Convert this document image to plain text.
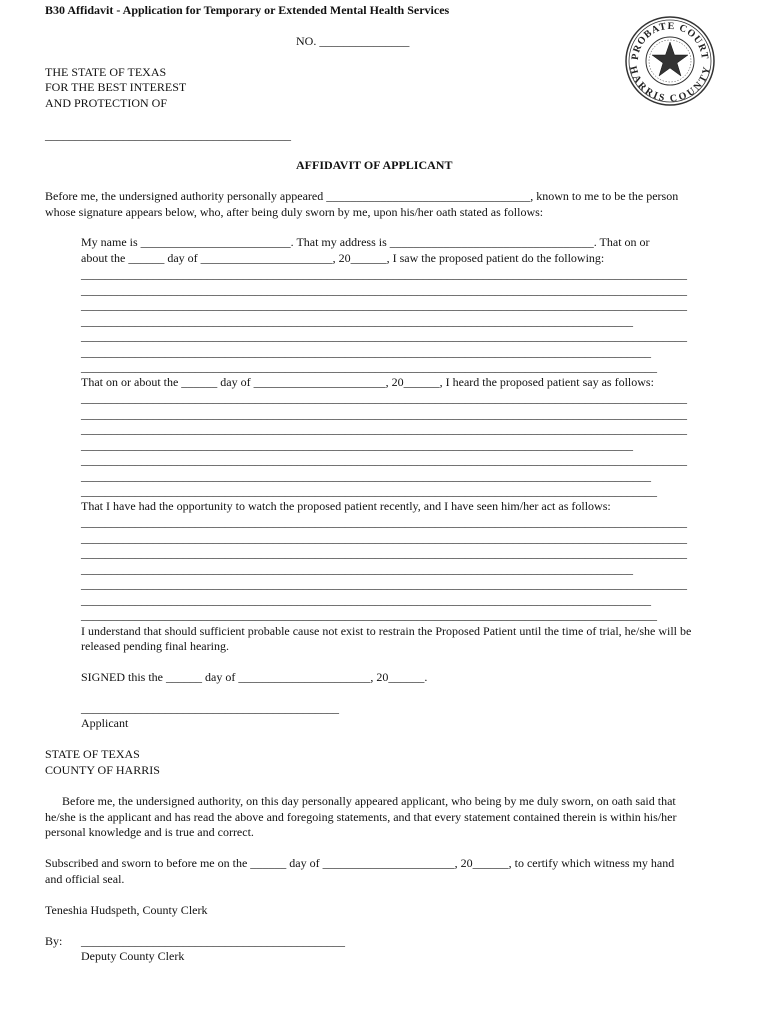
B30 Affidavit - Application for Temporary or Extended Mental Health Services
NO. _______________
PROBATE COURT
HARRIS COUNTY
THE STATE OF TEXAS
FOR THE BEST INTEREST
AND PROTECTION OF
_________________________________________
AFFIDAVIT OF APPLICANT
Before me, the undersigned authority personally appeared __________________________________, known to me to be the person
whose signature appears below, who, after being duly sworn by me, upon his/her oath stated as follows:
My name is _________________________. That my address is __________________________________. That on or
about the ______ day of ______________________, 20______, I saw the proposed patient do the following:
_____________________________________________________________________________________________________
_____________________________________________________________________________________________________
_____________________________________________________________________________________________________
____________________________________________________________________________________________
_____________________________________________________________________________________________________
_______________________________________________________________________________________________
________________________________________________________________________________________________
That on or about the ______ day of ______________________, 20______, I heard the proposed patient say as follows:
_____________________________________________________________________________________________________
_____________________________________________________________________________________________________
_____________________________________________________________________________________________________
____________________________________________________________________________________________
_____________________________________________________________________________________________________
_______________________________________________________________________________________________
________________________________________________________________________________________________
That I have had the opportunity to watch the proposed patient recently, and I have seen him/her act as follows:
_____________________________________________________________________________________________________
_____________________________________________________________________________________________________
_____________________________________________________________________________________________________
____________________________________________________________________________________________
_____________________________________________________________________________________________________
_______________________________________________________________________________________________
________________________________________________________________________________________________
I understand that should sufficient probable cause not exist to restrain the Proposed Patient until the time of trial, he/she will be
released pending final hearing.
SIGNED this the ______ day of ______________________, 20______.
___________________________________________
Applicant
STATE OF TEXAS
COUNTY OF HARRIS
Before me, the undersigned authority, on this day personally appeared applicant, who being by me duly sworn, on oath said that
he/she is the applicant and has read the above and foregoing statements, and that every statement contained therein is within his/her
personal knowledge and is true and correct.
Subscribed and sworn to before me on the ______ day of ______________________, 20______, to certify which witness my hand
and official seal.
Teneshia Hudspeth, County Clerk
By: ____________________________________________
Deputy County Clerk
